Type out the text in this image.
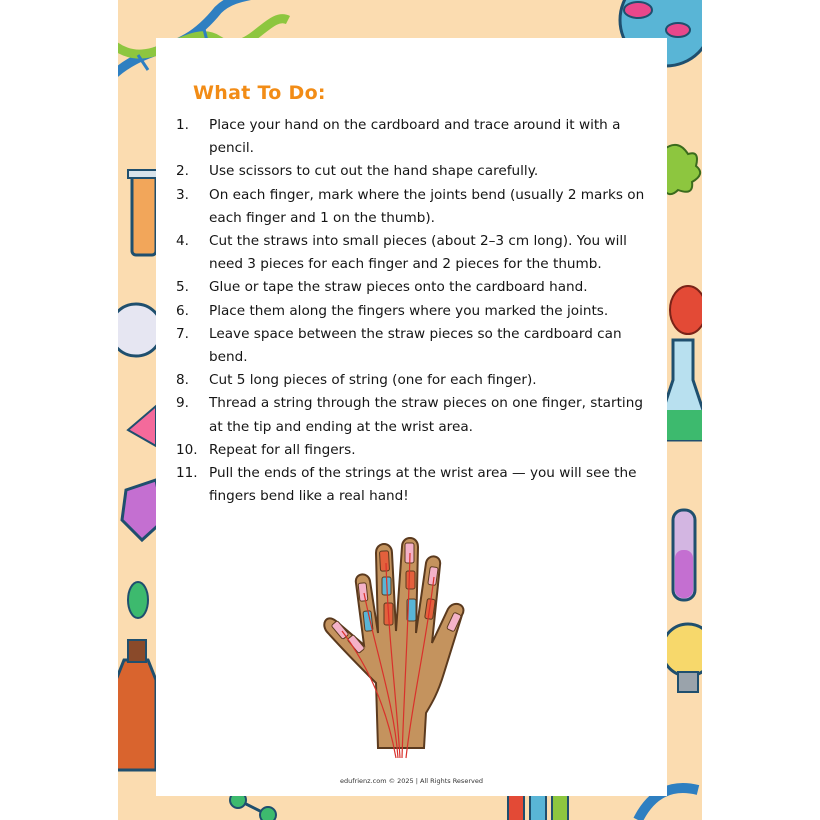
What To Do:
1.	Place your hand on the cardboard and trace around it with a pencil.
2.	Use scissors to cut out the hand shape carefully.
3.	On each finger, mark where the joints bend (usually 2 marks on each finger and 1 on the thumb).
4.	Cut the straws into small pieces (about 2–3 cm long). You will need 3 pieces for each finger and 2 pieces for the thumb.
5.	Glue or tape the straw pieces onto the cardboard hand.
6.	Place them along the fingers where you marked the joints.
7.	Leave space between the straw pieces so the cardboard can bend.
8.	Cut 5 long pieces of string (one for each finger).
9.	Thread a string through the straw pieces on one finger, starting at the tip and ending at the wrist area.
10. Repeat for all fingers.
11. Pull the ends of the strings at the wrist area — you will see the fingers bend like a real hand!
edufrienz.com © 2025 | All Rights Reserved
